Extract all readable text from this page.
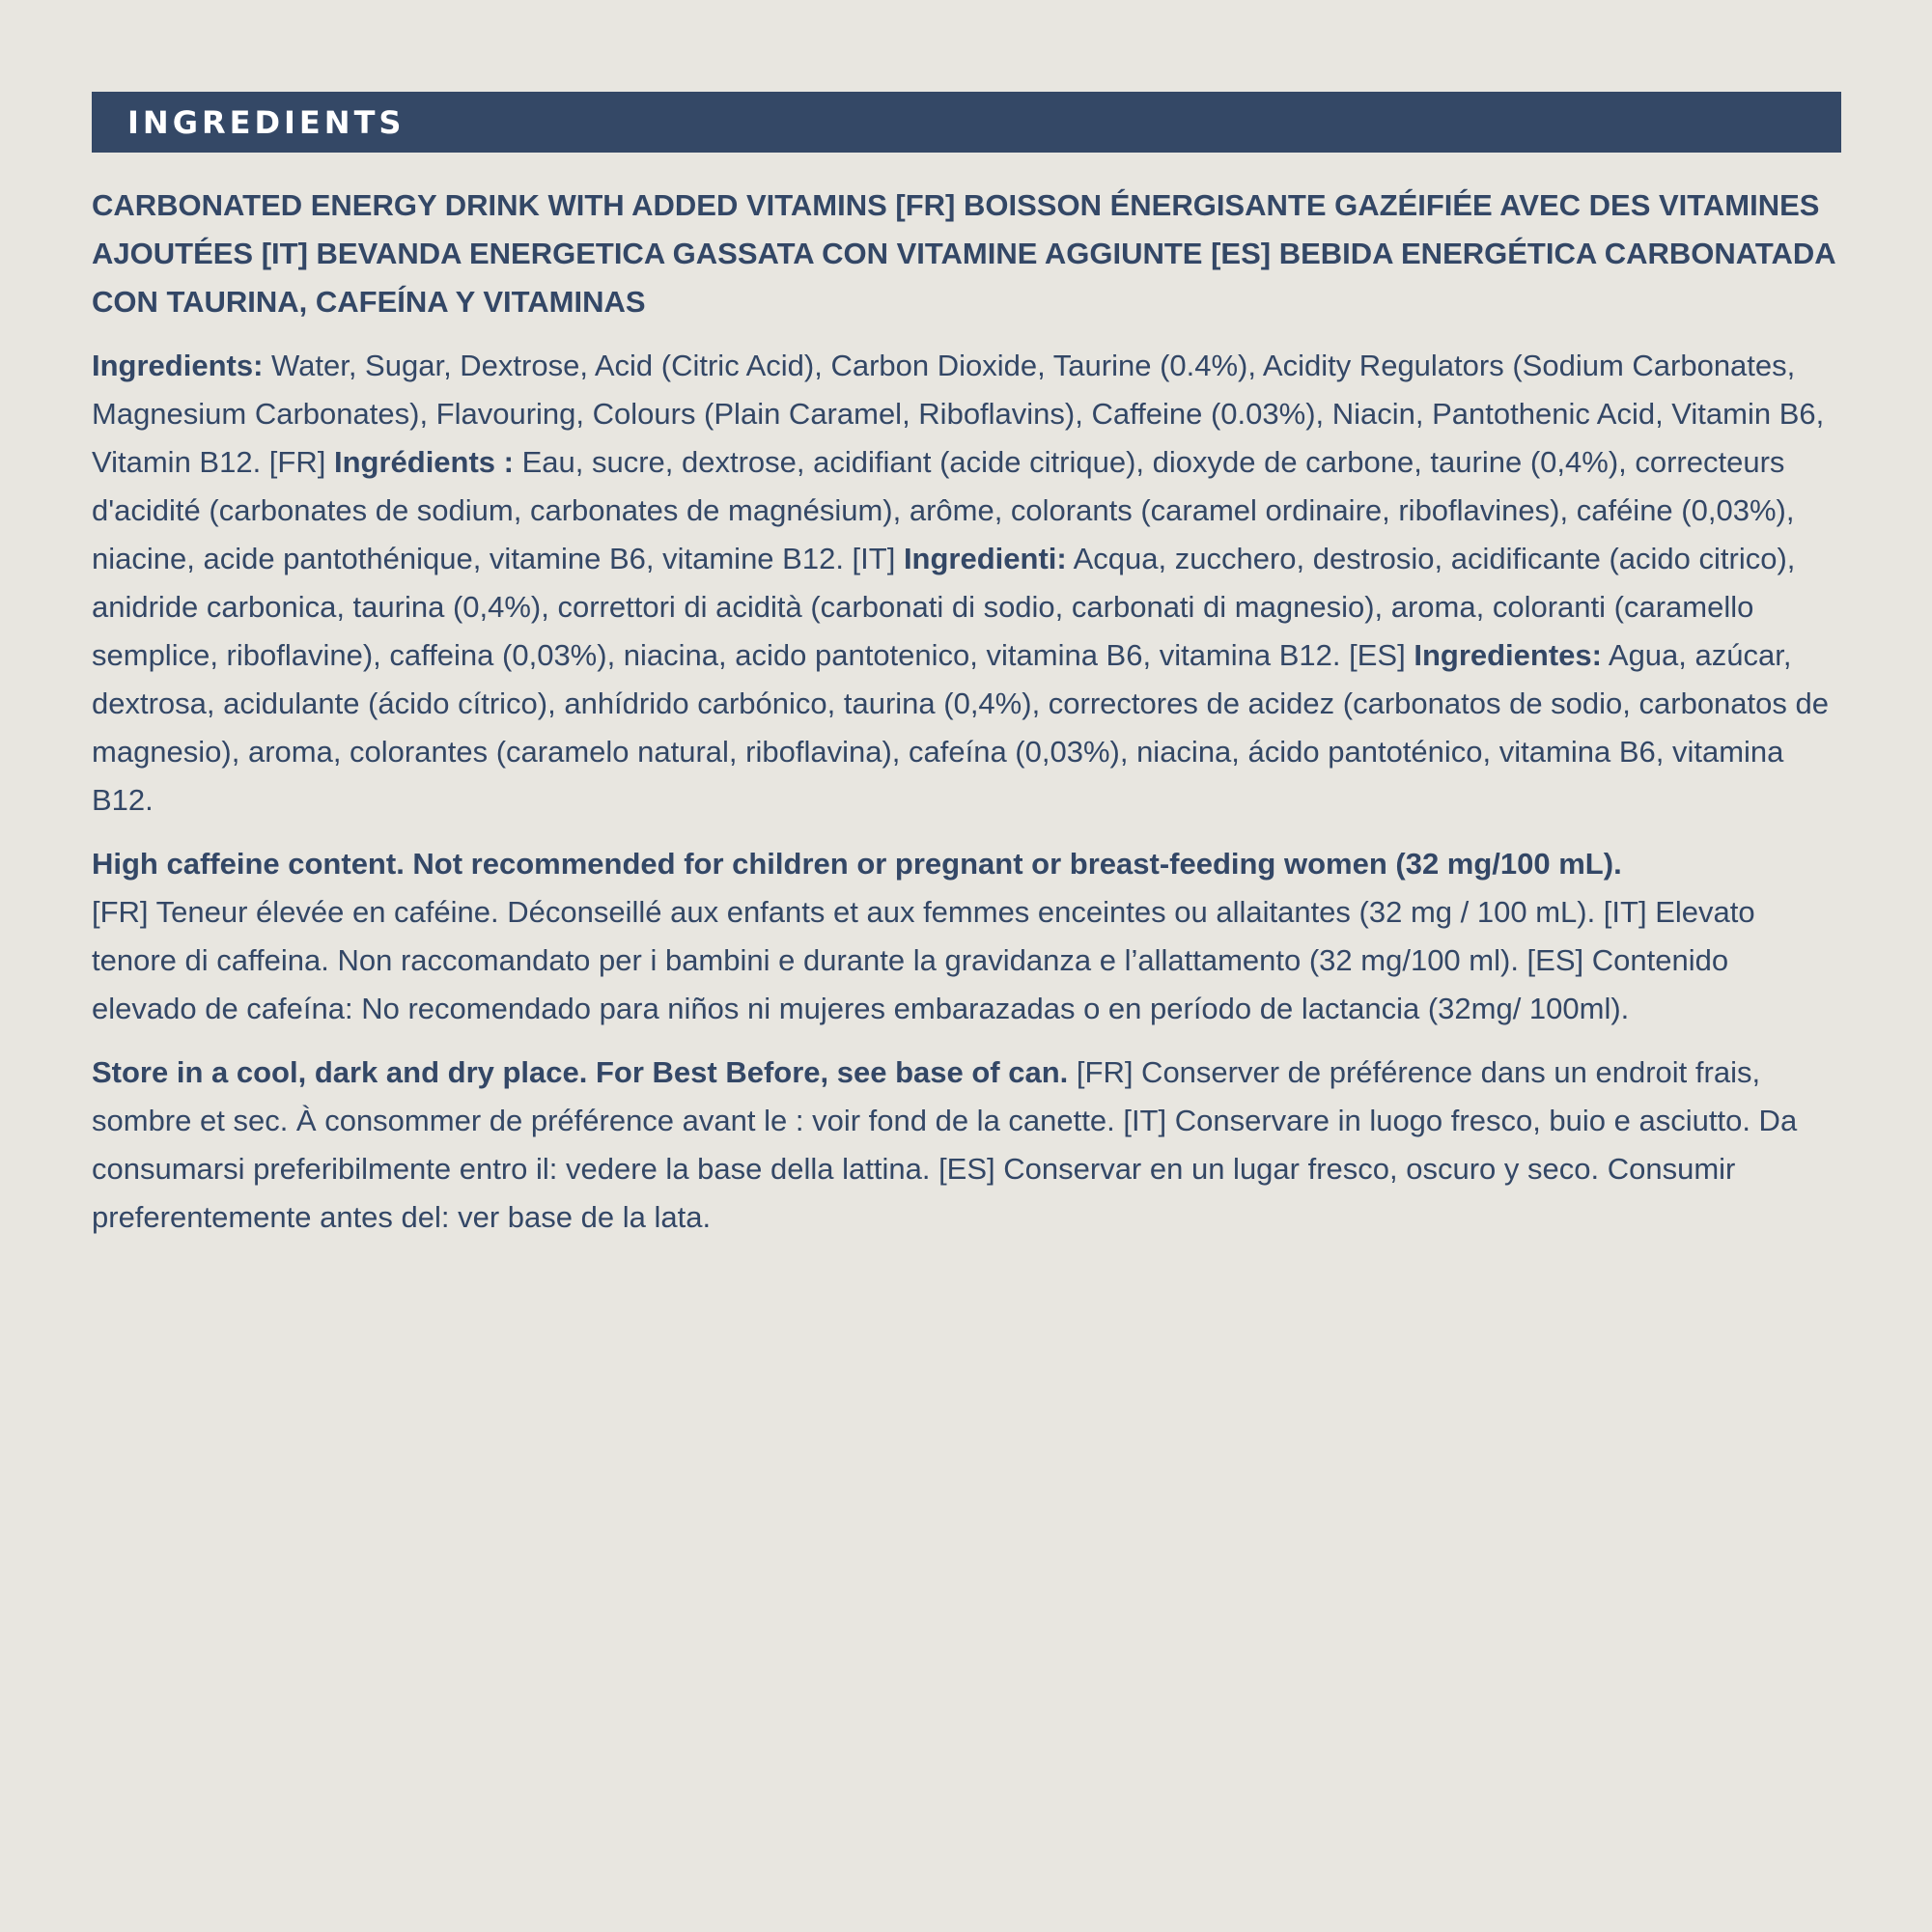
INGREDIENTS

CARBONATED ENERGY DRINK WITH ADDED VITAMINS [FR] BOISSON ÉNERGISANTE GAZÉIFIÉE AVEC DES VITAMINES AJOUTÉES [IT] BEVANDA ENERGETICA GASSATA CON VITAMINE AGGIUNTE [ES] BEBIDA ENERGÉTICA CARBONATADA CON TAURINA, CAFEÍNA Y VITAMINAS

Ingredients: Water, Sugar, Dextrose, Acid (Citric Acid), Carbon Dioxide, Taurine (0.4%), Acidity Regulators (Sodium Carbonates, Magnesium Carbonates), Flavouring, Colours (Plain Caramel, Riboflavins), Caffeine (0.03%), Niacin, Pantothenic Acid, Vitamin B6, Vitamin B12. [FR] Ingrédients : Eau, sucre, dextrose, acidifiant (acide citrique), dioxyde de carbone, taurine (0,4%), correcteurs d'acidité (carbonates de sodium, carbonates de magnésium), arôme, colorants (caramel ordinaire, riboflavines), caféine (0,03%), niacine, acide pantothénique, vitamine B6, vitamine B12. [IT] Ingredienti: Acqua, zucchero, destrosio, acidificante (acido citrico), anidride carbonica, taurina (0,4%), correttori di acidità (carbonati di sodio, carbonati di magnesio), aroma, coloranti (caramello semplice, riboflavine), caffeina (0,03%), niacina, acido pantotenico, vitamina B6, vitamina B12. [ES] Ingredientes: Agua, azúcar, dextrosa, acidulante (ácido cítrico), anhídrido carbónico, taurina (0,4%), correctores de acidez (carbonatos de sodio, carbonatos de magnesio), aroma, colorantes (caramelo natural, riboflavina), cafeína (0,03%), niacina, ácido pantoténico, vitamina B6, vitamina B12.

High caffeine content. Not recommended for children or pregnant or breast-feeding women (32 mg/100 mL).
[FR] Teneur élevée en caféine. Déconseillé aux enfants et aux femmes enceintes ou allaitantes (32 mg / 100 mL). [IT] Elevato tenore di caffeina. Non raccomandato per i bambini e durante la gravidanza e l’allattamento (32 mg/100 ml). [ES] Contenido elevado de cafeína: No recomendado para niños ni mujeres embarazadas o en período de lactancia (32mg/ 100ml).

Store in a cool, dark and dry place. For Best Before, see base of can. [FR] Conserver de préférence dans un endroit frais, sombre et sec. À consommer de préférence avant le : voir fond de la canette. [IT] Conservare in luogo fresco, buio e asciutto. Da consumarsi preferibilmente entro il: vedere la base della lattina. [ES] Conservar en un lugar fresco, oscuro y seco. Consumir preferentemente antes del: ver base de la lata.
